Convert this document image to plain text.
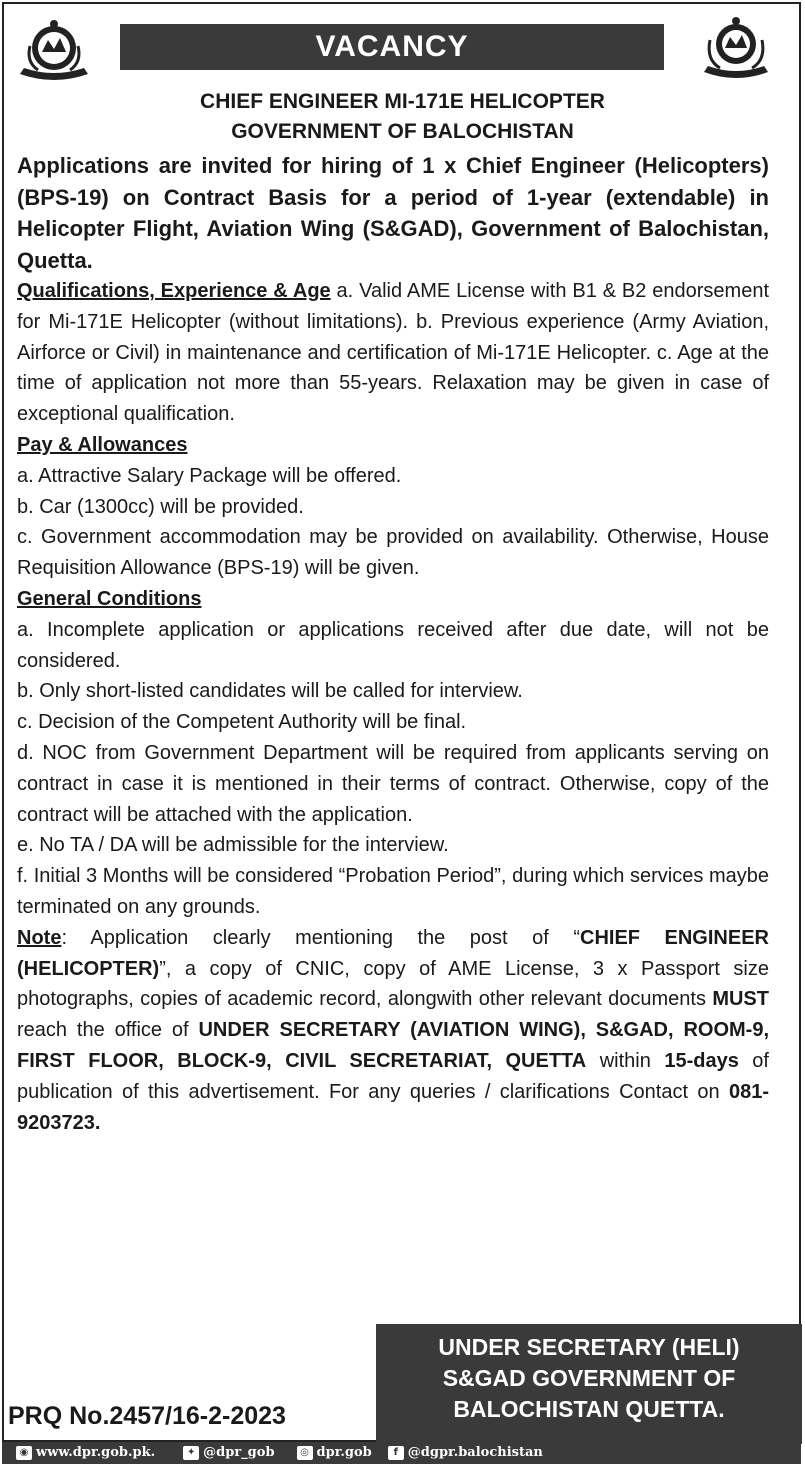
VACANCY
CHIEF ENGINEER MI-171E HELICOPTER
GOVERNMENT OF BALOCHISTAN

Applications are invited for hiring of 1 x Chief Engineer (Helicopters) (BPS-19) on Contract Basis for a period of 1-year (extendable) in Helicopter Flight, Aviation Wing (S&GAD), Government of Balochistan, Quetta.

Qualifications, Experience & Age a. Valid AME License with B1 & B2 endorsement for Mi-171E Helicopter (without limitations). b. Previous experience (Army Aviation, Airforce or Civil) in maintenance and certification of Mi-171E Helicopter. c. Age at the time of application not more than 55-years. Relaxation may be given in case of exceptional qualification.

Pay & Allowances

a. Attractive Salary Package will be offered.

b. Car (1300cc) will be provided.

c. Government accommodation may be provided on availability. Otherwise, House Requisition Allowance (BPS-19) will be given.

General Conditions

a. Incomplete application or applications received after due date, will not be considered.

b. Only short-listed candidates will be called for interview.

c. Decision of the Competent Authority will be final.

d. NOC from Government Department will be required from applicants serving on contract in case it is mentioned in their terms of contract. Otherwise, copy of the contract will be attached with the application.

e. No TA / DA will be admissible for the interview.

f. Initial 3 Months will be considered “Probation Period”, during which services maybe terminated on any grounds.

Note: Application clearly mentioning the post of “CHIEF ENGINEER (HELICOPTER)”, a copy of CNIC, copy of AME License, 3 x Passport size photographs, copies of academic record, alongwith other relevant documents MUST reach the office of UNDER SECRETARY (AVIATION WING), S&GAD, ROOM-9, FIRST FLOOR, BLOCK-9, CIVIL SECRETARIAT, QUETTA within 15-days of publication of this advertisement. For any queries / clarifications Contact on 081-9203723.

UNDER SECRETARY (HELI)
S&GAD GOVERNMENT OF
BALOCHISTAN QUETTA.
PRQ No.2457/16-2-2023
◉ www.dpr.gob.pk.	✦ @dpr_gob	◎ dpr.gob	f @dgpr.balochistan
